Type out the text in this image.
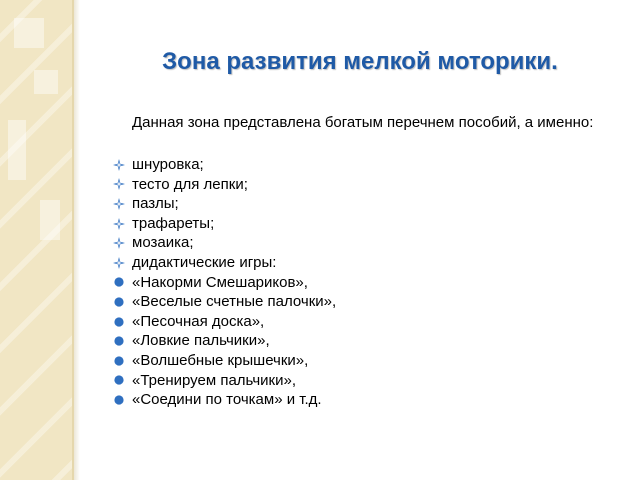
Зона развития мелкой моторики.
Данная зона представлена богатым перечнем пособий, а именно:
шнуровка;
тесто для лепки;
пазлы;
трафареты;
мозаика;
дидактические игры:
«Накорми Смешариков»,
«Веселые счетные палочки»,
«Песочная доска»,
«Ловкие пальчики»,
«Волшебные крышечки»,
«Тренируем пальчики»,
«Соедини по точкам» и т.д.
